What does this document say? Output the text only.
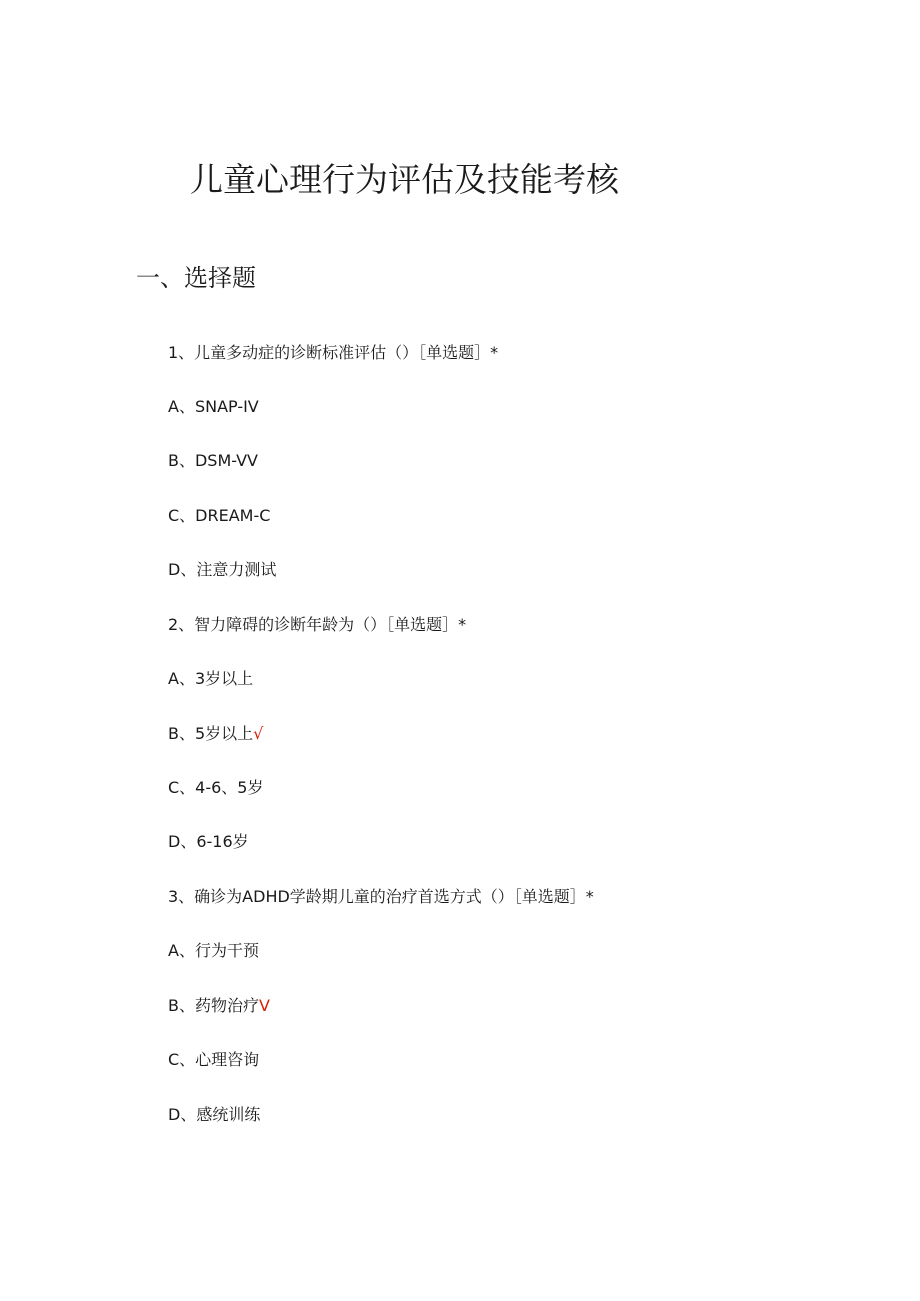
儿童心理行为评估及技能考核
一、选择题
1、儿童多动症的诊断标准评估（）［单选题］*
A、SNAP-IV
B、DSM-VV
C、DREAM-C
D、注意力测试
2、智力障碍的诊断年龄为（）［单选题］*
A、3岁以上
B、5岁以上√
C、4-6、5岁
D、6-16岁
3、确诊为ADHD学龄期儿童的治疗首选方式（）［单选题］*
A、行为干预
B、药物治疗V
C、心理咨询
D、感统训练
